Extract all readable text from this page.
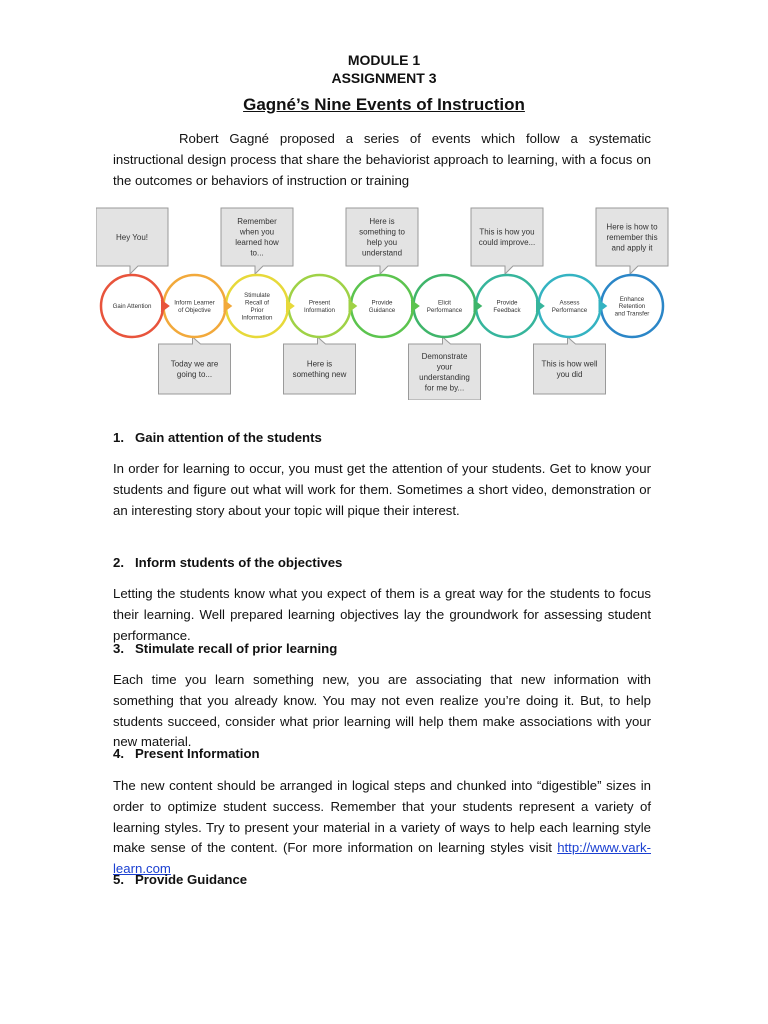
MODULE 1
ASSIGNMENT 3
Gagné’s Nine Events of Instruction
Robert Gagné proposed a series of events which follow a systematic instructional design process that share the behaviorist approach to learning, with a focus on the outcomes or behaviors of instruction or training
Hey You!
Remember
when you
learned how
to...
Here is
something to
help you
understand
This is how you
could improve...
Here is how to
remember this
and apply it
Today we are
going to...
Here is
something new
Demonstrate
your
understanding
for me by...
This is how well
you did
Enhance
Retention
and Transfer
Assess
Performance
Provide
Feedback
Elicit
Performance
Provide
Guidance
Present
Information
Stimulate
Recall of
Prior
Information
Inform Learner
of Objective
Gain Attention
1. Gain attention of the students
In order for learning to occur, you must get the attention of your students. Get to know your students and figure out what will work for them. Sometimes a short video, demonstration or an interesting story about your topic will pique their interest.
2. Inform students of the objectives
Letting the students know what you expect of them is a great way for the students to focus their learning. Well prepared learning objectives lay the groundwork for assessing student performance.
3. Stimulate recall of prior learning
Each time you learn something new, you are associating that new information with something that you already know. You may not even realize you’re doing it. But, to help students succeed, consider what prior learning will help them make associations with your new material.
4. Present Information
The new content should be arranged in logical steps and chunked into “digestible” sizes in order to optimize student success. Remember that your students represent a variety of learning styles. Try to present your material in a variety of ways to help each learning style make sense of the content. (For more information on learning styles visit http://www.vark-learn.com
5. Provide Guidance
